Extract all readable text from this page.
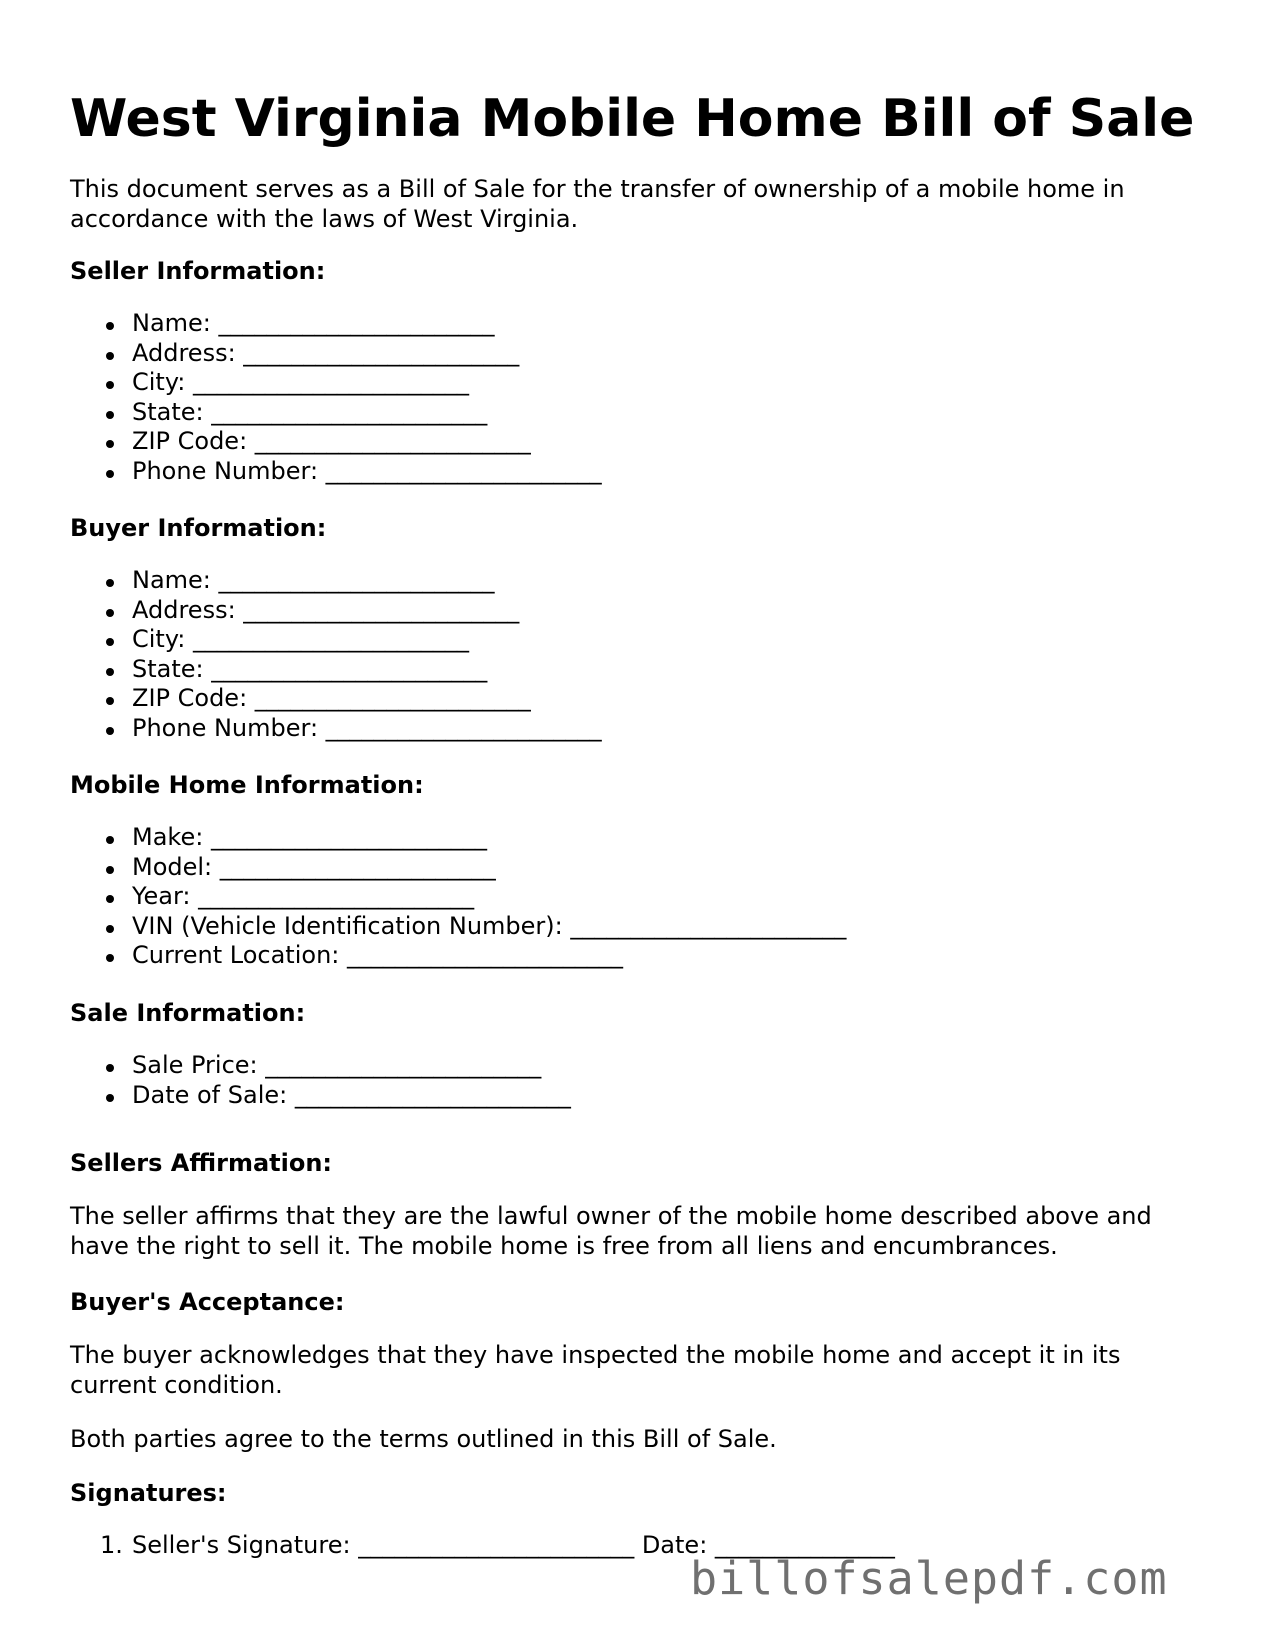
West Virginia Mobile Home Bill of Sale

This document serves as a Bill of Sale for the transfer of ownership of a mobile home in accordance with the laws of West Virginia.

Seller Information:
Name: _______________________
Address: _______________________
City: _______________________
State: _______________________
ZIP Code: _______________________
Phone Number: _______________________
Buyer Information:
Name: _______________________
Address: _______________________
City: _______________________
State: _______________________
ZIP Code: _______________________
Phone Number: _______________________
Mobile Home Information:
Make: _______________________
Model: _______________________
Year: _______________________
VIN (Vehicle Identification Number): _______________________
Current Location: _______________________
Sale Information:
Sale Price: _______________________
Date of Sale: _______________________
Sellers Affirmation:

The seller affirms that they are the lawful owner of the mobile home described above and have the right to sell it. The mobile home is free from all liens and encumbrances.

Buyer's Acceptance:

The buyer acknowledges that they have inspected the mobile home and accept it in its current condition.

Both parties agree to the terms outlined in this Bill of Sale.

Signatures:
1. Seller's Signature: _______________________ Date: _______________
billofsalepdf.com
